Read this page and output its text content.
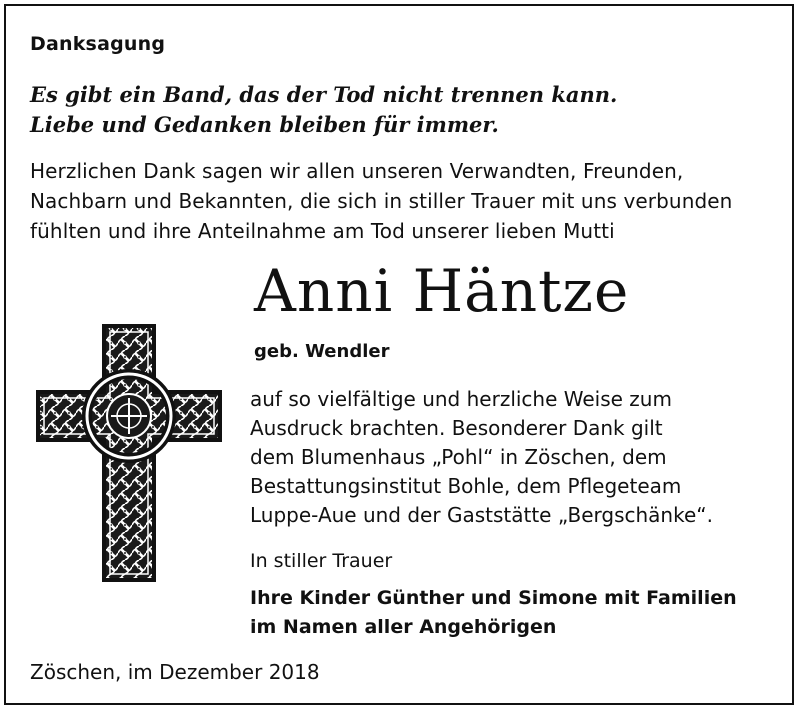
Danksagung
Es gibt ein Band, das der Tod nicht trennen kann.
Liebe und Gedanken bleiben für immer.
Herzlichen Dank sagen wir allen unseren Verwandten, Freunden,
Nachbarn und Bekannten, die sich in stiller Trauer mit uns verbunden
fühlten und ihre Anteilnahme am Tod unserer lieben Mutti
Anni Häntze
geb. Wendler
auf so vielfältige und herzliche Weise zum
Ausdruck brachten. Besonderer Dank gilt
dem Blumenhaus „Pohl“ in Zöschen, dem
Bestattungsinstitut Bohle, dem Pflegeteam
Luppe-Aue und der Gaststätte „Bergschänke“.
In stiller Trauer
Ihre Kinder Günther und Simone mit Familien
im Namen aller Angehörigen
Zöschen, im Dezember 2018
